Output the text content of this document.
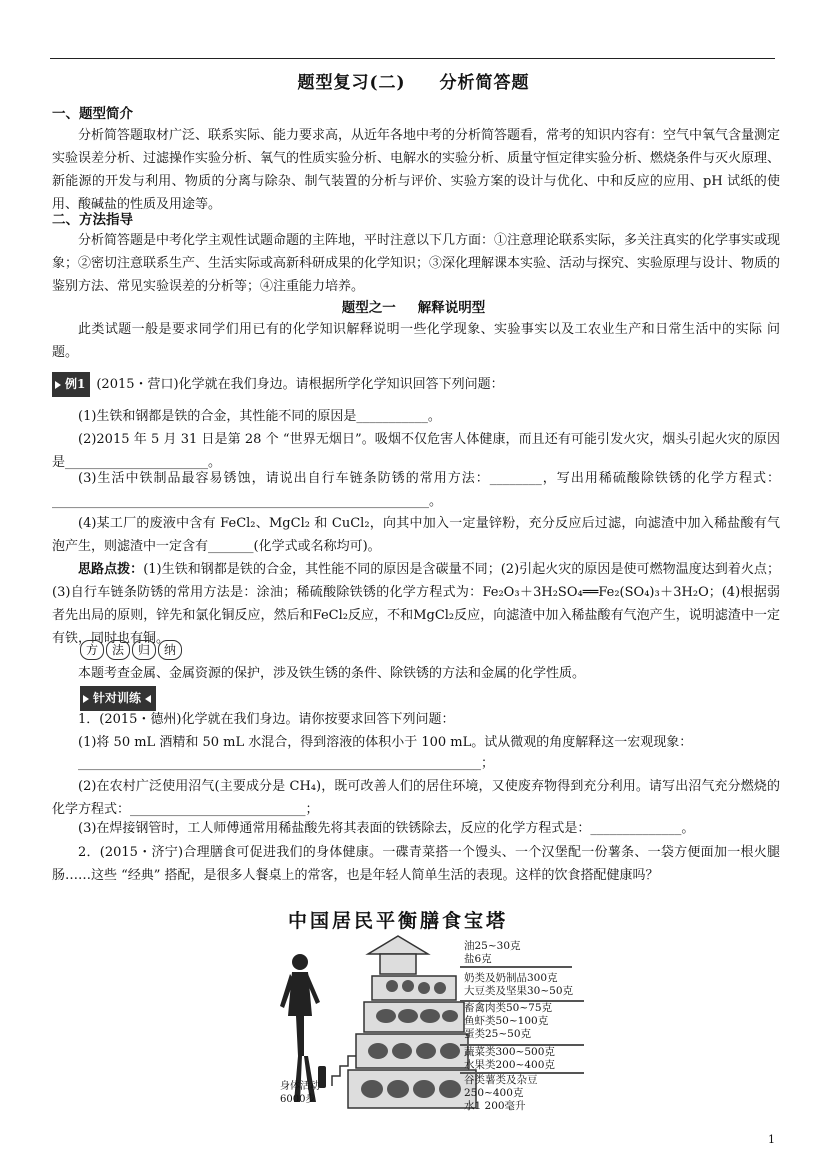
题型复习(二) 分析简答题
一、题型简介
分析简答题取材广泛、联系实际、能力要求高，从近年各地中考的分析简答题看，常考的知识内容有：空气中氧气含量测定实验误差分析、过滤操作实验分析、氧气的性质实验分析、电解水的实验分析、质量守恒定律实验分析、燃烧条件与灭火原理、新能源的开发与利用、物质的分离与除杂、制气装置的分析与评价、实验方案的设计与优化、中和反应的应用、pH 试纸的使用、酸碱盐的性质及用途等。
二、方法指导
分析简答题是中考化学主观性试题命题的主阵地，平时注意以下几方面：①注意理论联系实际，多关注真实的化学事实或现象；②密切注意联系生产、生活实际或高新科研成果的化学知识；③深化理解课本实验、活动与探究、实验原理与设计、物质的鉴别方法、常见实验误差的分析等；④注重能力培养。
题型之一 解释说明型
此类试题一般是要求同学们用已有的化学知识解释说明一些化学现象、实验事实以及工农业生产和日常生活中的实际 问题。
例1 (2015・营口)化学就在我们身边。请根据所学化学知识回答下列问题：
(1)生铁和钢都是铁的合金，其性能不同的原因是___________。
(2)2015 年 5 月 31 日是第 28 个 “世界无烟日”。吸烟不仅危害人体健康，而且还有可能引发火灾，烟头引起火灾的原因是______________________。
(3)生活中铁制品最容易锈蚀，请说出自行车链条防锈的常用方法：________，写出用稀硫酸除铁锈的化学方程式：__________________________________________________________。
(4)某工厂的废液中含有 FeCl₂、MgCl₂ 和 CuCl₂，向其中加入一定量锌粉，充分反应后过滤，向滤渣中加入稀盐酸有气泡产生，则滤渣中一定含有_______(化学式或名称均可)。
思路点拨：(1)生铁和钢都是铁的合金，其性能不同的原因是含碳量不同；(2)引起火灾的原因是使可燃物温度达到着火点；(3)自行车链条防锈的常用方法是：涂油；稀硫酸除铁锈的化学方程式为：Fe₂O₃＋3H₂SO₄══Fe₂(SO₄)₃＋3H₂O；(4)根据弱者先出局的原则，锌先和氯化铜反应，然后和FeCl₂反应，不和MgCl₂反应，向滤渣中加入稀盐酸有气泡产生，说明滤渣中一定有铁，同时也有铜。
方	法	归	纳
本题考查金属、金属资源的保护，涉及铁生锈的条件、除铁锈的方法和金属的化学性质。
针对训练
1．(2015・德州)化学就在我们身边。请你按要求回答下列问题：
(1)将 50 mL 酒精和 50 mL 水混合，得到溶液的体积小于 100 mL。试从微观的角度解释这一宏观现象：
______________________________________________________________；
(2)在农村广泛使用沼气(主要成分是 CH₄)，既可改善人们的居住环境，又使废弃物得到充分利用。请写出沼气充分燃烧的化学方程式：___________________________；
(3)在焊接钢管时，工人师傅通常用稀盐酸先将其表面的铁锈除去，反应的化学方程式是：______________。
2．(2015・济宁)合理膳食可促进我们的身体健康。一碟青菜搭一个馒头、一个汉堡配一份薯条、一袋方便面加一根火腿肠……这些 “经典” 搭配，是很多人餐桌上的常客，也是年轻人简单生活的表现。这样的饮食搭配健康吗？
中国居民平衡膳食宝塔
油25~30克
盐6克
奶类及奶制品300克
大豆类及坚果30~50克
畜禽肉类50~75克
鱼虾类50~100克
蛋类25~50克
蔬菜类300~500克
水果类200~400克
谷类薯类及杂豆
250~400克
水1 200毫升
身体活动
6000步
1
